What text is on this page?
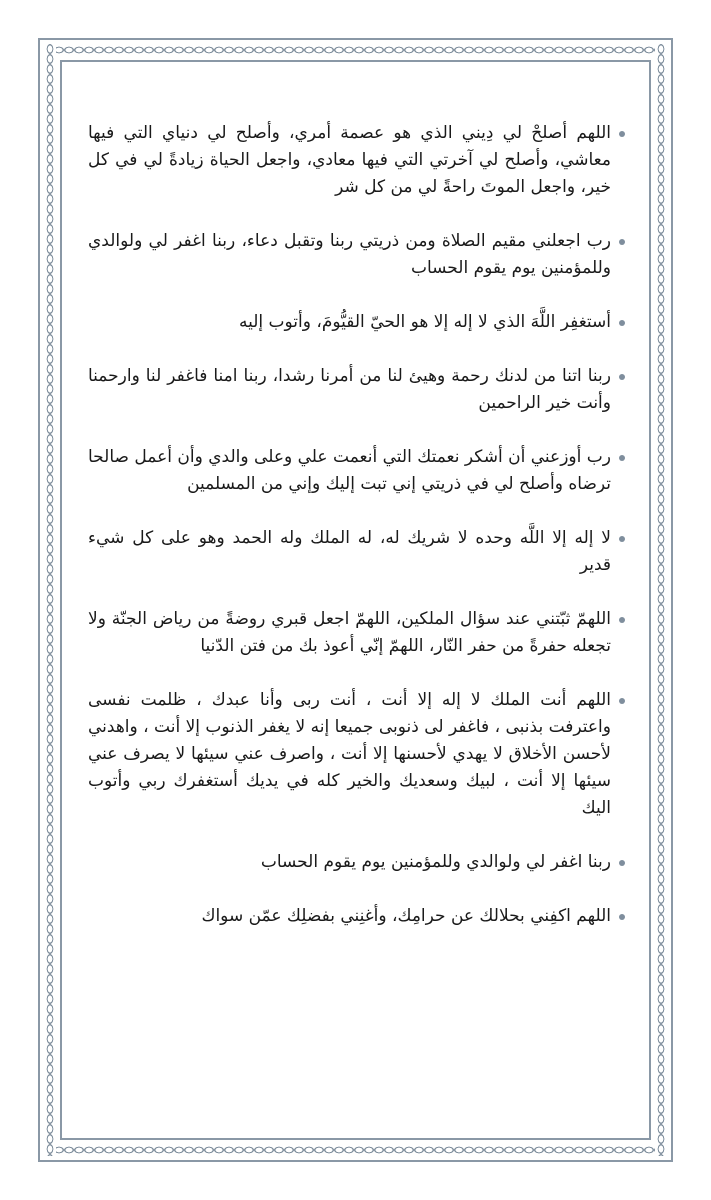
اللهم أصلحْ لي دِيني الذي هو عصمة أمري، وأصلح لي دنياي التي فيها معاشي، وأصلح لي آخرتي التي فيها معادي، واجعل الحياة زيادةً لي في كل خير، واجعل الموتَ راحةً لي من كل شر
رب اجعلني مقيم الصلاة ومن ذريتي ربنا وتقبل دعاء، ربنا اغفر لي ولوالدي وللمؤمنين يوم يقوم الحساب
أستغفِر اللَّهَ الذي لا إله إلا هو الحيّ القيُّومَ، وأتوب إليه
ربنا اتنا من لدنك رحمة وهيئ لنا من أمرنا رشدا، ربنا امنا فاغفر لنا وارحمنا وأنت خير الراحمين
رب أوزعني أن أشكر نعمتك التي أنعمت علي وعلى والدي وأن أعمل صالحا ترضاه وأصلح لي في ذريتي إني تبت إليك وإني من المسلمين
لا إله إلا اللَّه وحده لا شريك له، له الملك وله الحمد وهو على كل شيء قدير
اللهمّ ثبّتني عند سؤال الملكين، اللهمّ اجعل قبري روضةً من رياض الجنّة ولا تجعله حفرةً من حفر النّار، اللهمّ إنّي أعوذ بك من فتن الدّنيا
اللهم أنت الملك لا إله إلا أنت ، أنت ربى وأنا عبدك ، ظلمت نفسى واعترفت بذنبى ، فاغفر لى ذنوبى جميعا إنه لا يغفر الذنوب إلا أنت ، واهدني لأحسن الأخلاق لا يهدي لأحسنها إلا أنت ، واصرف عني سيئها لا يصرف عني سيئها إلا أنت ، لبيك وسعديك والخير كله في يديك أستغفرك ربي وأتوب اليك
ربنا اغفر لي ولوالدي وللمؤمنين يوم يقوم الحساب
اللهم اكفِني بحلالك عن حرامِك، وأغنِني بفضلِك عمّن سواك
